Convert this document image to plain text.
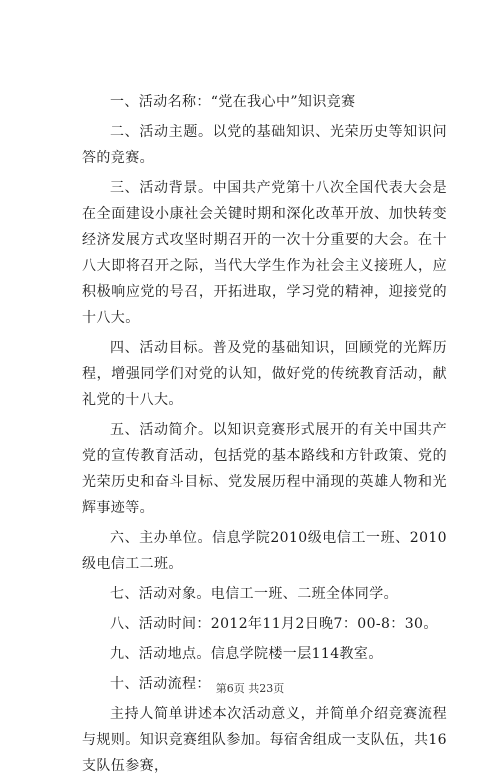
一、活动名称：“党在我心中”知识竞赛

二、活动主题。以党的基础知识、光荣历史等知识问答的竞赛。

三、活动背景。中国共产党第十八次全国代表大会是在全面建设小康社会关键时期和深化改革开放、加快转变经济发展方式攻坚时期召开的一次十分重要的大会。在十八大即将召开之际，当代大学生作为社会主义接班人，应积极响应党的号召，开拓进取，学习党的精神，迎接党的十八大。

四、活动目标。普及党的基础知识，回顾党的光辉历程，增强同学们对党的认知，做好党的传统教育活动，献礼党的十八大。

五、活动简介。以知识竞赛形式展开的有关中国共产党的宣传教育活动，包括党的基本路线和方针政策、党的光荣历史和奋斗目标、党发展历程中涌现的英雄人物和光辉事迹等。

六、主办单位。信息学院2010级电信工一班、2010级电信工二班。

七、活动对象。电信工一班、二班全体同学。

八、活动时间：2012年11月2日晚7：00-8：30。

九、活动地点。信息学院楼一层114教室。

十、活动流程：

主持人简单讲述本次活动意义，并简单介绍竞赛流程与规则。知识竞赛组队参加。每宿舍组成一支队伍，共16支队伍参赛，

第6页 共23页
